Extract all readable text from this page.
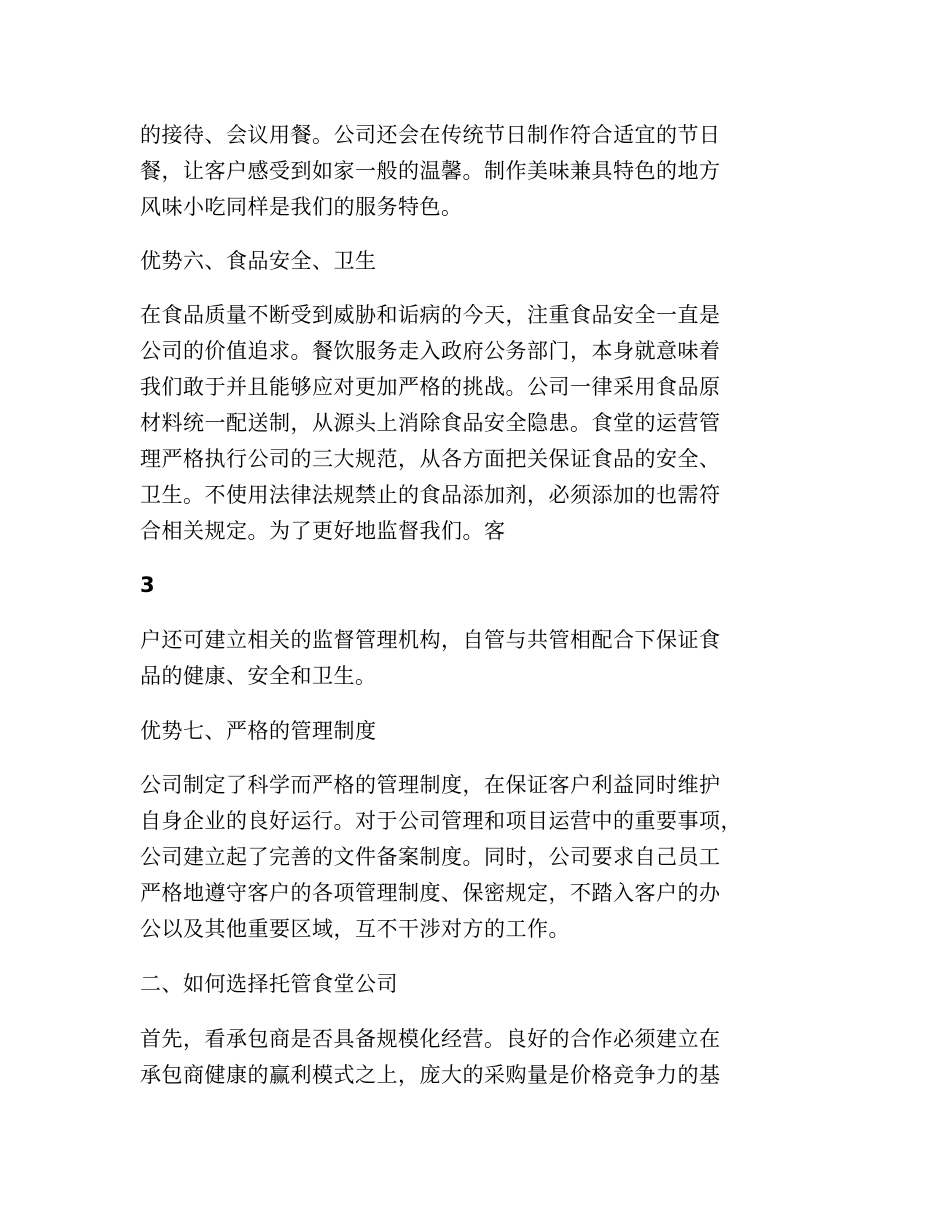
的接待、会议用餐。公司还会在传统节日制作符合适宜的节日
餐，让客户感受到如家一般的温馨。制作美味兼具特色的地方
风味小吃同样是我们的服务特色。
优势六、食品安全、卫生
在食品质量不断受到威胁和诟病的今天，注重食品安全一直是
公司的价值追求。餐饮服务走入政府公务部门，本身就意味着
我们敢于并且能够应对更加严格的挑战。公司一律采用食品原
材料统一配送制，从源头上消除食品安全隐患。食堂的运营管
理严格执行公司的三大规范，从各方面把关保证食品的安全、
卫生。不使用法律法规禁止的食品添加剂，必须添加的也需符
合相关规定。为了更好地监督我们。客
3
户还可建立相关的监督管理机构，自管与共管相配合下保证食
品的健康、安全和卫生。
优势七、严格的管理制度
公司制定了科学而严格的管理制度，在保证客户利益同时维护
自身企业的良好运行。对于公司管理和项目运营中的重要事项，
公司建立起了完善的文件备案制度。同时，公司要求自己员工
严格地遵守客户的各项管理制度、保密规定，不踏入客户的办
公以及其他重要区域，互不干涉对方的工作。
二、如何选择托管食堂公司
首先，看承包商是否具备规模化经营。良好的合作必须建立在
承包商健康的赢利模式之上，庞大的采购量是价格竞争力的基
